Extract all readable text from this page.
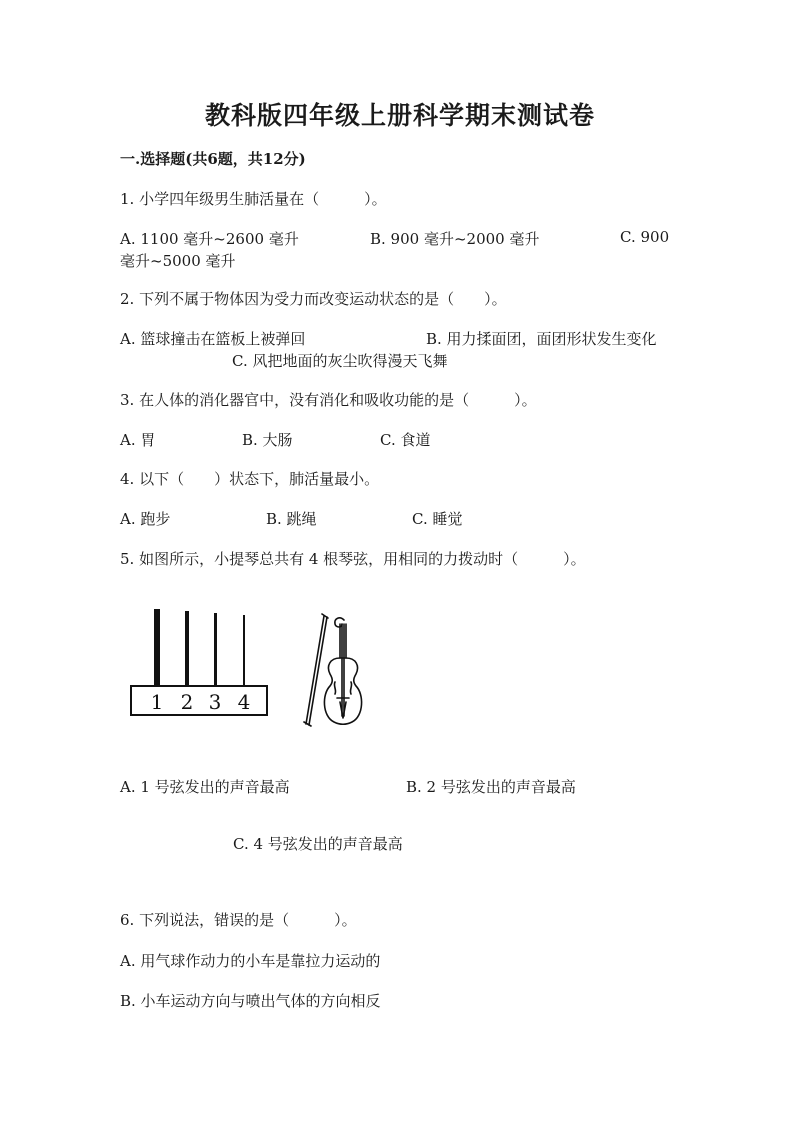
教科版四年级上册科学期末测试卷
一.选择题(共6题，共12分)
1. 小学四年级男生肺活量在（　　　）。
A. 1100 毫升~2600 毫升	B. 900 毫升~2000 毫升	C. 900
毫升~5000 毫升
2. 下列不属于物体因为受力而改变运动状态的是（　　）。
A. 篮球撞击在篮板上被弹回	B. 用力揉面团，面团形状发生变化
C. 风把地面的灰尘吹得漫天飞舞
3. 在人体的消化器官中，没有消化和吸收功能的是（　　　）。
A. 胃	B. 大肠	C. 食道
4. 以下（　　）状态下，肺活量最小。
A. 跑步	B. 跳绳	C. 睡觉
5. 如图所示，小提琴总共有 4 根琴弦，用相同的力拨动时（　　　）。
1 2 3 4
A. 1 号弦发出的声音最高	B. 2 号弦发出的声音最高
C. 4 号弦发出的声音最高
6. 下列说法，错误的是（　　　）。
A. 用气球作动力的小车是靠拉力运动的
B. 小车运动方向与喷出气体的方向相反
